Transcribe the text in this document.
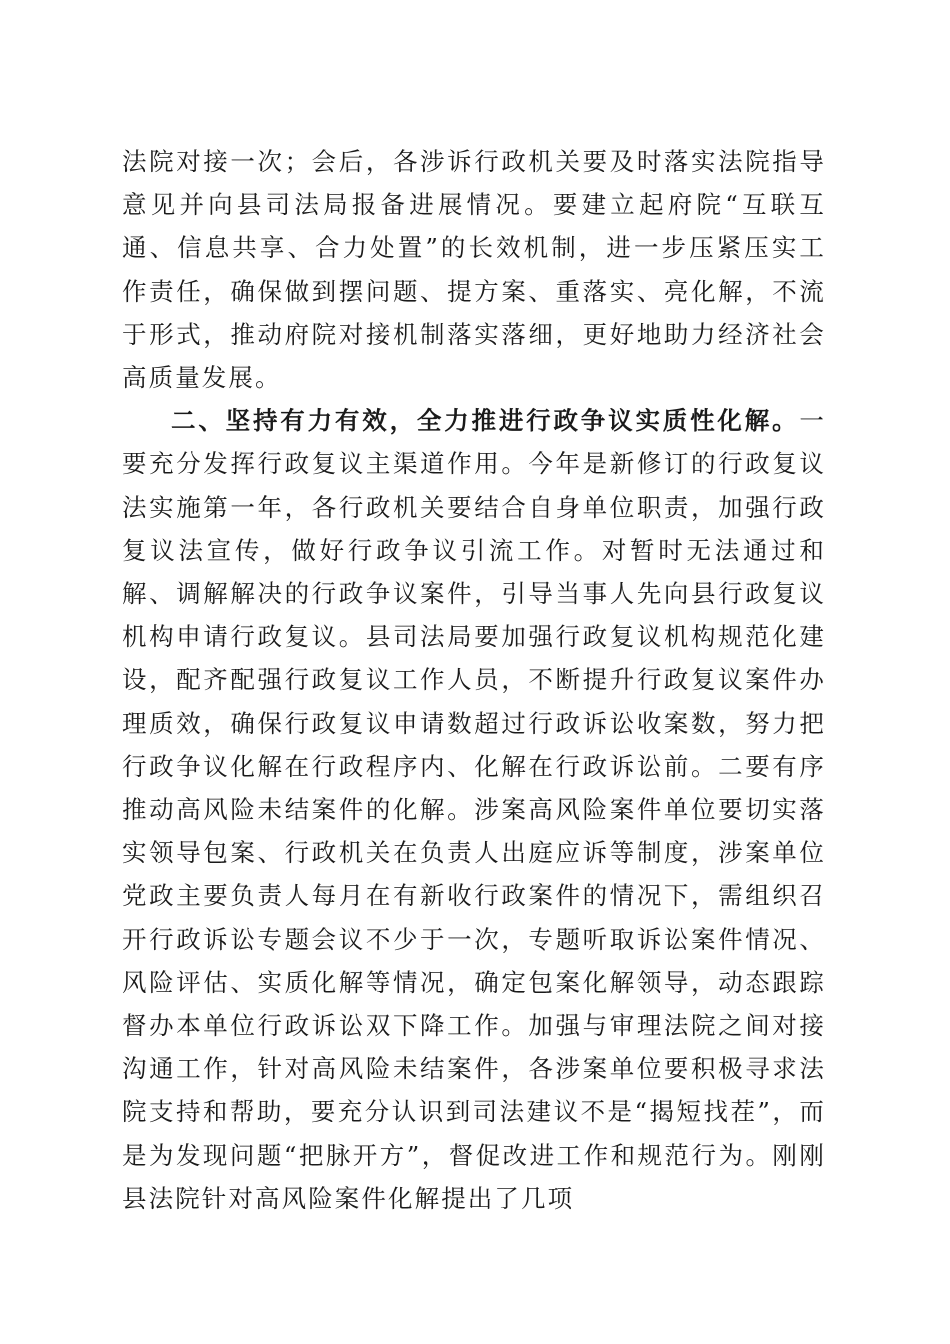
法院对接一次；会后，各涉诉行政机关要及时落实法院指导意见并向县司法局报备进展情况。要建立起府院“互联互通、信息共享、合力处置”的长效机制，进一步压紧压实工作责任，确保做到摆问题、提方案、重落实、亮化解，不流于形式，推动府院对接机制落实落细，更好地助力经济社会高质量发展。

二、坚持有力有效，全力推进行政争议实质性化解。一要充分发挥行政复议主渠道作用。今年是新修订的行政复议法实施第一年，各行政机关要结合自身单位职责，加强行政复议法宣传，做好行政争议引流工作。对暂时无法通过和解、调解解决的行政争议案件，引导当事人先向县行政复议机构申请行政复议。县司法局要加强行政复议机构规范化建设，配齐配强行政复议工作人员，不断提升行政复议案件办理质效，确保行政复议申请数超过行政诉讼收案数，努力把行政争议化解在行政程序内、化解在行政诉讼前。二要有序推动高风险未结案件的化解。涉案高风险案件单位要切实落实领导包案、行政机关在负责人出庭应诉等制度，涉案单位党政主要负责人每月在有新收行政案件的情况下，需组织召开行政诉讼专题会议不少于一次，专题听取诉讼案件情况、风险评估、实质化解等情况，确定包案化解领导，动态跟踪督办本单位行政诉讼双下降工作。加强与审理法院之间对接沟通工作，针对高风险未结案件，各涉案单位要积极寻求法院支持和帮助，要充分认识到司法建议不是“揭短找茬”，而是为发现问题“把脉开方”，督促改进工作和规范行为。刚刚县法院针对高风险案件化解提出了几项
